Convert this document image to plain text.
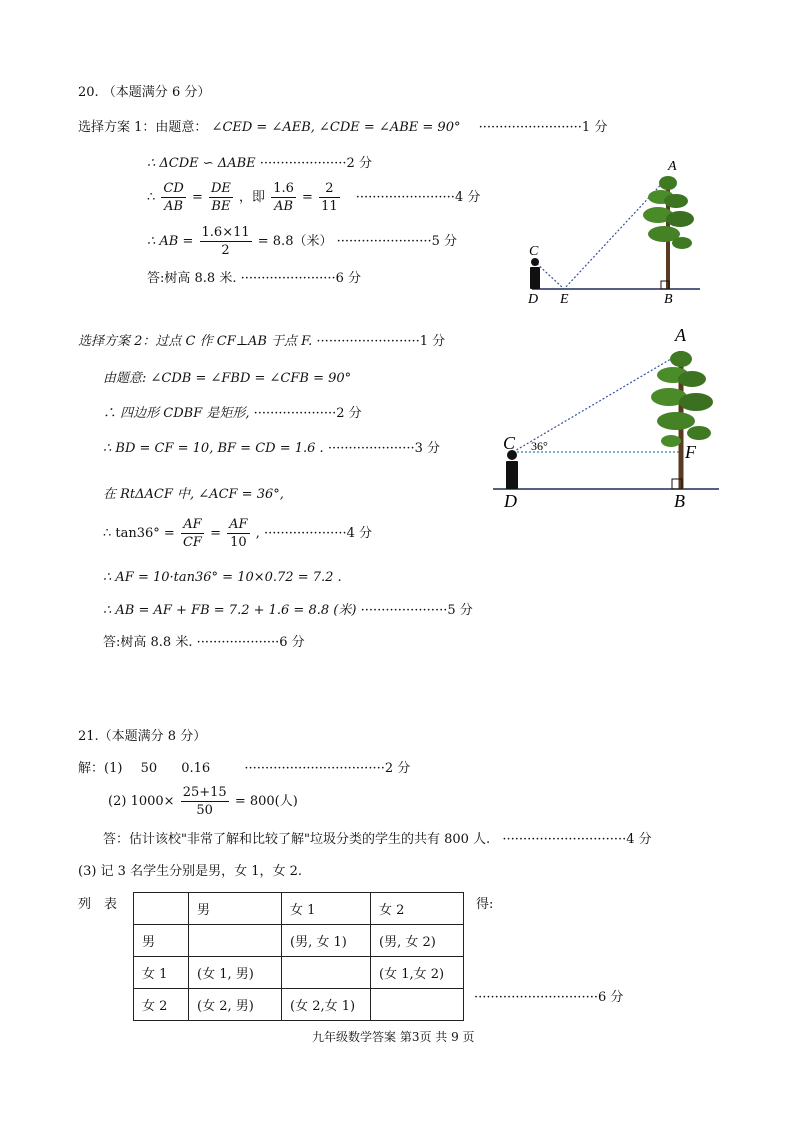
20. （本题满分 6 分）
选择方案 1：由题意： ∠CED = ∠AEB, ∠CDE = ∠ABE = 90° ·························1 分
∴ ΔCDE ∽ ΔABE ·····················2 分
∴ $\frac{CD}{AB} = \frac{DE}{BE}$ ，即 $\frac{1.6}{AB} = \frac{2}{11} \cdot\cdot\cdot\cdot\cdot\cdot\cdot\cdot\cdot\cdot\cdot\cdot\cdot\cdot\cdot\cdot\cdot\cdot\cdot\cdot\cdot\cdot\cdot\cdot 4$ 分
∴ AB = $\frac{1.6\times 11}{2} = 8.8$（米） ·······················5 分
答:树高 8.8 米. ·······················6 分
A
C
D E	B
选择方案 2：过点 C 作 CF⊥AB 于点 F. ·························1 分
由题意: ∠CDB = ∠FBD = ∠CFB = 90°
∴ 四边形 CDBF 是矩形, ····················2 分
∴ BD = CF = 10, BF = CD = 1.6 . ·····················3 分
在 RtΔACF 中, ∠ACF = 36°,
∴ $\tan 36^\circ = \frac{AF}{CF} = \frac{AF}{10}$ , ····················4 分
∴ AF = 10·tan36° = 10×0.72 = 7.2 .
∴ AB = AF + FB = 7.2 + 1.6 = 8.8 (米) ·····················5 分
答:树高 8.8 米. ····················6 分
A
C 36°	F
D	B
21.（本题满分 8 分）
解：(1) 50 0.16	··································2 分
(2) $1000\times \frac{25+15}{50} = 800$(人)
答：估计该校"非常了解和比较了解"垃圾分类的学生的共有 800 人. ······························4 分
(3) 记 3 名学生分别是男，女 1，女 2.
列　表	得:
	男	女 1	女 2
男		(男, 女 1)	(男, 女 2)
女 1	(女 1, 男)		(女 1,女 2)
女 2	(女 2, 男)	(女 2,女 1)	
······························6 分
九年级数学答案 第3页 共 9 页
